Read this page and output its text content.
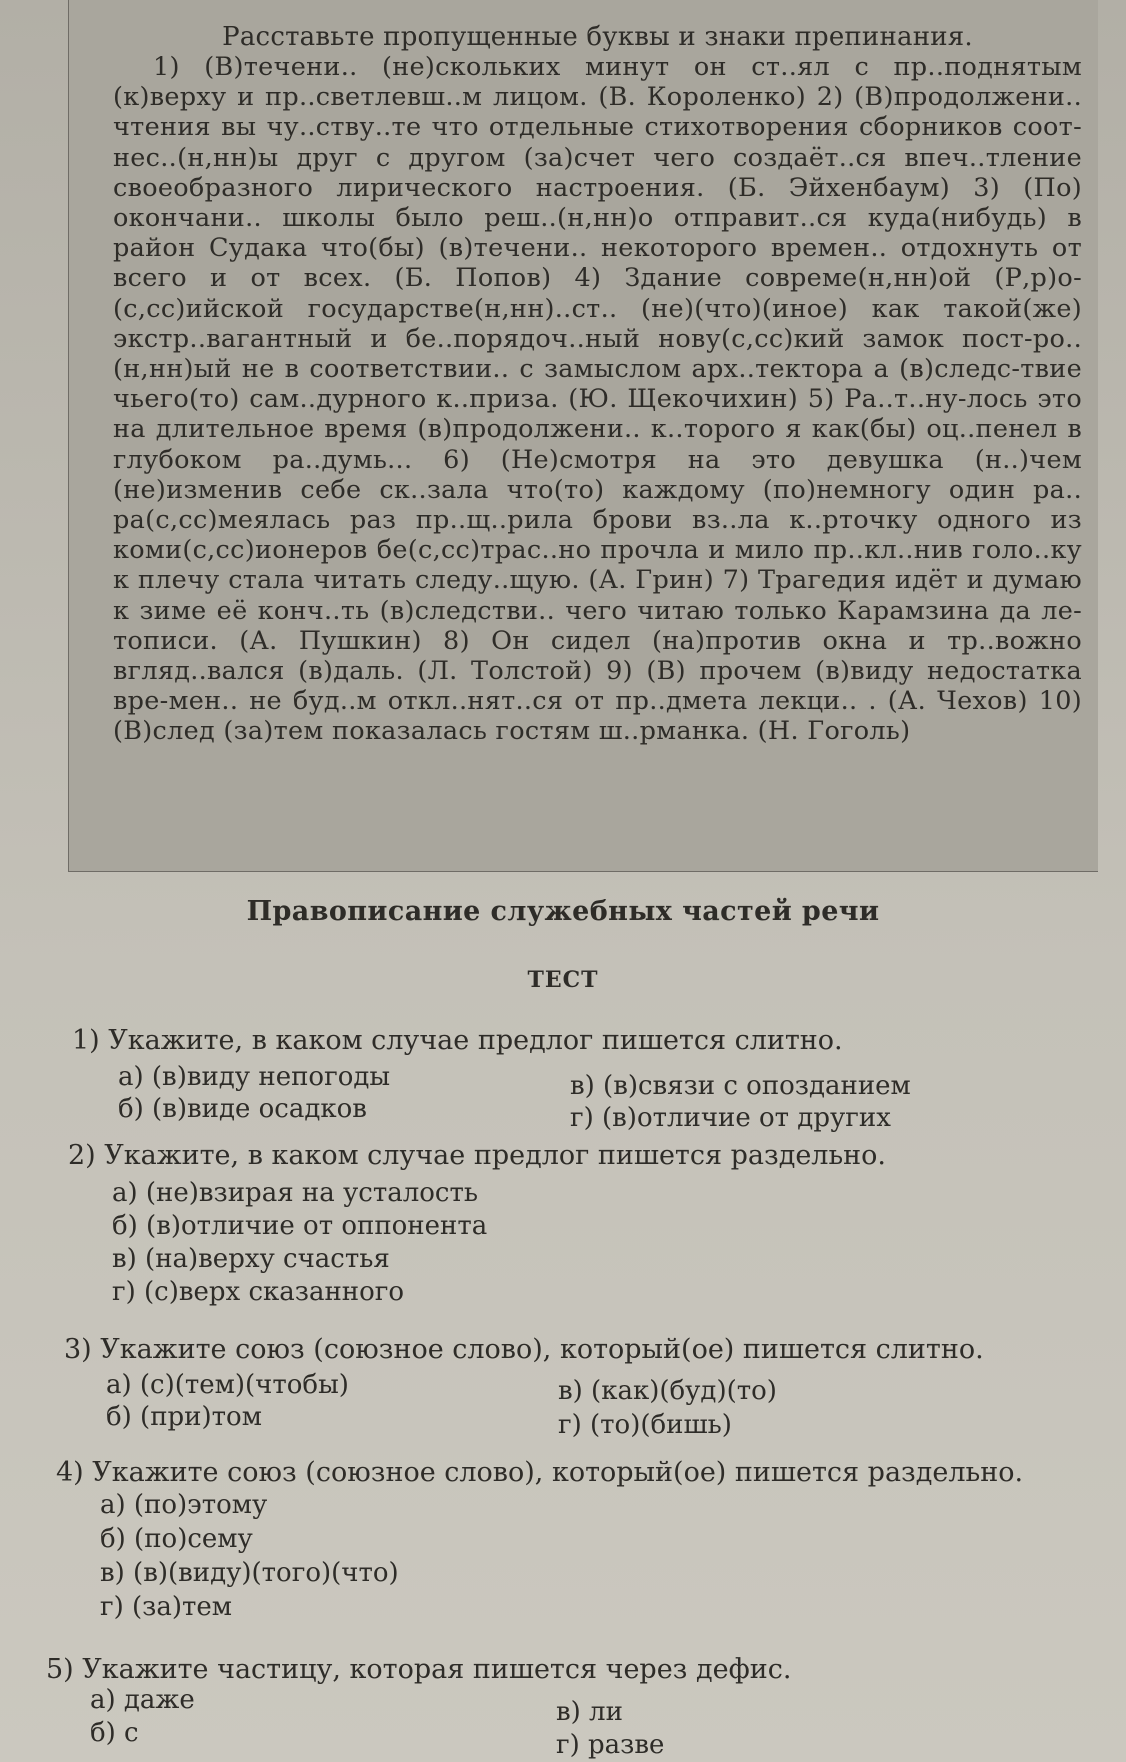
Расставьте пропущенные буквы и знаки препинания.

1) (В)течени.. (не)скольких минут он ст..ял с пр..поднятым (к)верху и пр..светлевш..м лицом. (В. Короленко) 2) (В)продолжени.. чтения вы чу..ству..те что отдельные стихотворения сборников соот-нес..(н,нн)ы друг с другом (за)счет чего создаёт..ся впеч..тление своеобразного лирического настроения. (Б. Эйхенбаум) 3) (По) окончани.. школы было реш..(н,нн)о отправит..ся куда(нибудь) в район Судака что(бы) (в)течени.. некоторого времен.. отдохнуть от всего и от всех. (Б. Попов) 4) Здание совреме(н,нн)ой (Р,р)о-(с,сс)ийской государстве(н,нн)..ст.. (не)(что)(иное) как такой(же) экстр..вагантный и бе..порядоч..ный нову(с,сс)кий замок пост-ро..(н,нн)ый не в соответствии.. с замыслом арх..тектора а (в)следс-твие чьего(то) сам..дурного к..приза. (Ю. Щекочихин) 5) Ра..т..ну-лось это на длительное время (в)продолжени.. к..торого я как(бы) оц..пенел в глубоком ра..думь... 6) (Не)смотря на это девушка (н..)чем (не)изменив себе ск..зала что(то) каждому (по)немногу один ра.. ра(с,сс)меялась раз пр..щ..рила брови вз..ла к..рточку одного из коми(с,сс)ионеров бе(с,сс)трас..но прочла и мило пр..кл..нив голо..ку к плечу стала читать следу..щую. (А. Грин) 7) Трагедия идёт и думаю к зиме её конч..ть (в)следстви.. чего читаю только Карамзина да ле-тописи. (А. Пушкин) 8) Он сидел (на)против окна и тр..вожно вгляд..вался (в)даль. (Л. Толстой) 9) (В) прочем (в)виду недостатка вре-мен.. не буд..м откл..нят..ся от пр..дмета лекци.. . (А. Чехов) 10) (В)след (за)тем показалась гостям ш..рманка. (Н. Гоголь)

Правописание служебных частей речи
ТЕСТ
1) Укажите, в каком случае предлог пишется слитно.
а) (в)виду непогоды
б) (в)виде осадков
в) (в)связи с опозданием
г) (в)отличие от других
2) Укажите, в каком случае предлог пишется раздельно.
а) (не)взирая на усталость
б) (в)отличие от оппонента
в) (на)верху счастья
г) (с)верх сказанного
3) Укажите союз (союзное слово), который(ое) пишется слитно.
а) (с)(тем)(чтобы)
б) (при)том
в) (как)(буд)(то)
г) (то)(бишь)
4) Укажите союз (союзное слово), который(ое) пишется раздельно.
а) (по)этому
б) (по)сему
в) (в)(виду)(того)(что)
г) (за)тем
5) Укажите частицу, которая пишется через дефис.
а) даже
б) с
в) ли
г) разве
